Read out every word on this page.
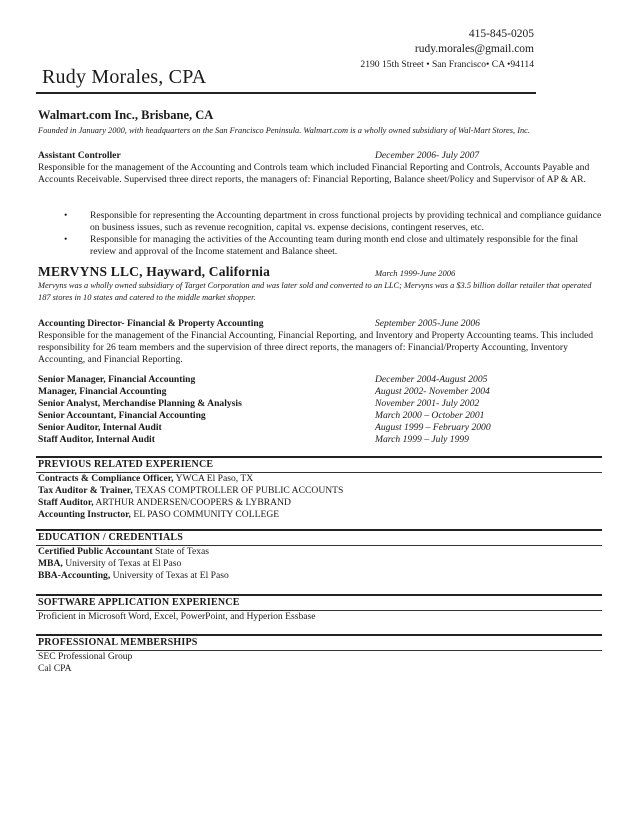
Rudy Morales, CPA
415-845-0205
rudy.morales@gmail.com
2190 15th Street • San Francisco• CA •94114
Walmart.com Inc., Brisbane, CA
Founded in January 2000, with headquarters on the San Francisco Peninsula. Walmart.com is a wholly owned subsidiary of Wal-Mart Stores, Inc.
Assistant Controller	December 2006- July 2007
Responsible for the management of the Accounting and Controls team which included Financial Reporting and Controls, Accounts Payable and Accounts Receivable. Supervised three direct reports, the managers of: Financial Reporting, Balance sheet/Policy and Supervisor of AP & AR.
• Responsible for representing the Accounting department in cross functional projects by providing technical and compliance guidance on business issues, such as revenue recognition, capital vs. expense decisions, contingent reserves, etc.
• Responsible for managing the activities of the Accounting team during month end close and ultimately responsible for the final review and approval of the Income statement and Balance sheet.
MERVYNS LLC, Hayward, California	March 1999-June 2006
Mervyns was a wholly owned subsidiary of Target Corporation and was later sold and converted to an LLC; Mervyns was a $3.5 billion dollar retailer that operated 187 stores in 10 states and catered to the middle market shopper.
Accounting Director- Financial & Property Accounting	September 2005-June 2006
Responsible for the management of the Financial Accounting, Financial Reporting, and Inventory and Property Accounting teams. This included responsibility for 26 team members and the supervision of three direct reports, the managers of: Financial/Property Accounting, Inventory Accounting, and Financial Reporting.
Senior Manager, Financial Accounting	December 2004-August 2005
Manager, Financial Accounting	August 2002- November 2004
Senior Analyst, Merchandise Planning & Analysis	November 2001- July 2002
Senior Accountant, Financial Accounting	March 2000 – October 2001
Senior Auditor, Internal Audit	August 1999 – February 2000
Staff Auditor, Internal Audit	March 1999 – July 1999
PREVIOUS RELATED EXPERIENCE
Contracts & Compliance Officer, YWCA El Paso, TX
Tax Auditor & Trainer, TEXAS COMPTROLLER OF PUBLIC ACCOUNTS
Staff Auditor, ARTHUR ANDERSEN/COOPERS & LYBRAND
Accounting Instructor, EL PASO COMMUNITY COLLEGE
EDUCATION / CREDENTIALS
Certified Public Accountant State of Texas
MBA, University of Texas at El Paso
BBA-Accounting, University of Texas at El Paso
SOFTWARE APPLICATION EXPERIENCE
Proficient in Microsoft Word, Excel, PowerPoint, and Hyperion Essbase
PROFESSIONAL MEMBERSHIPS
SEC Professional Group
Cal CPA
